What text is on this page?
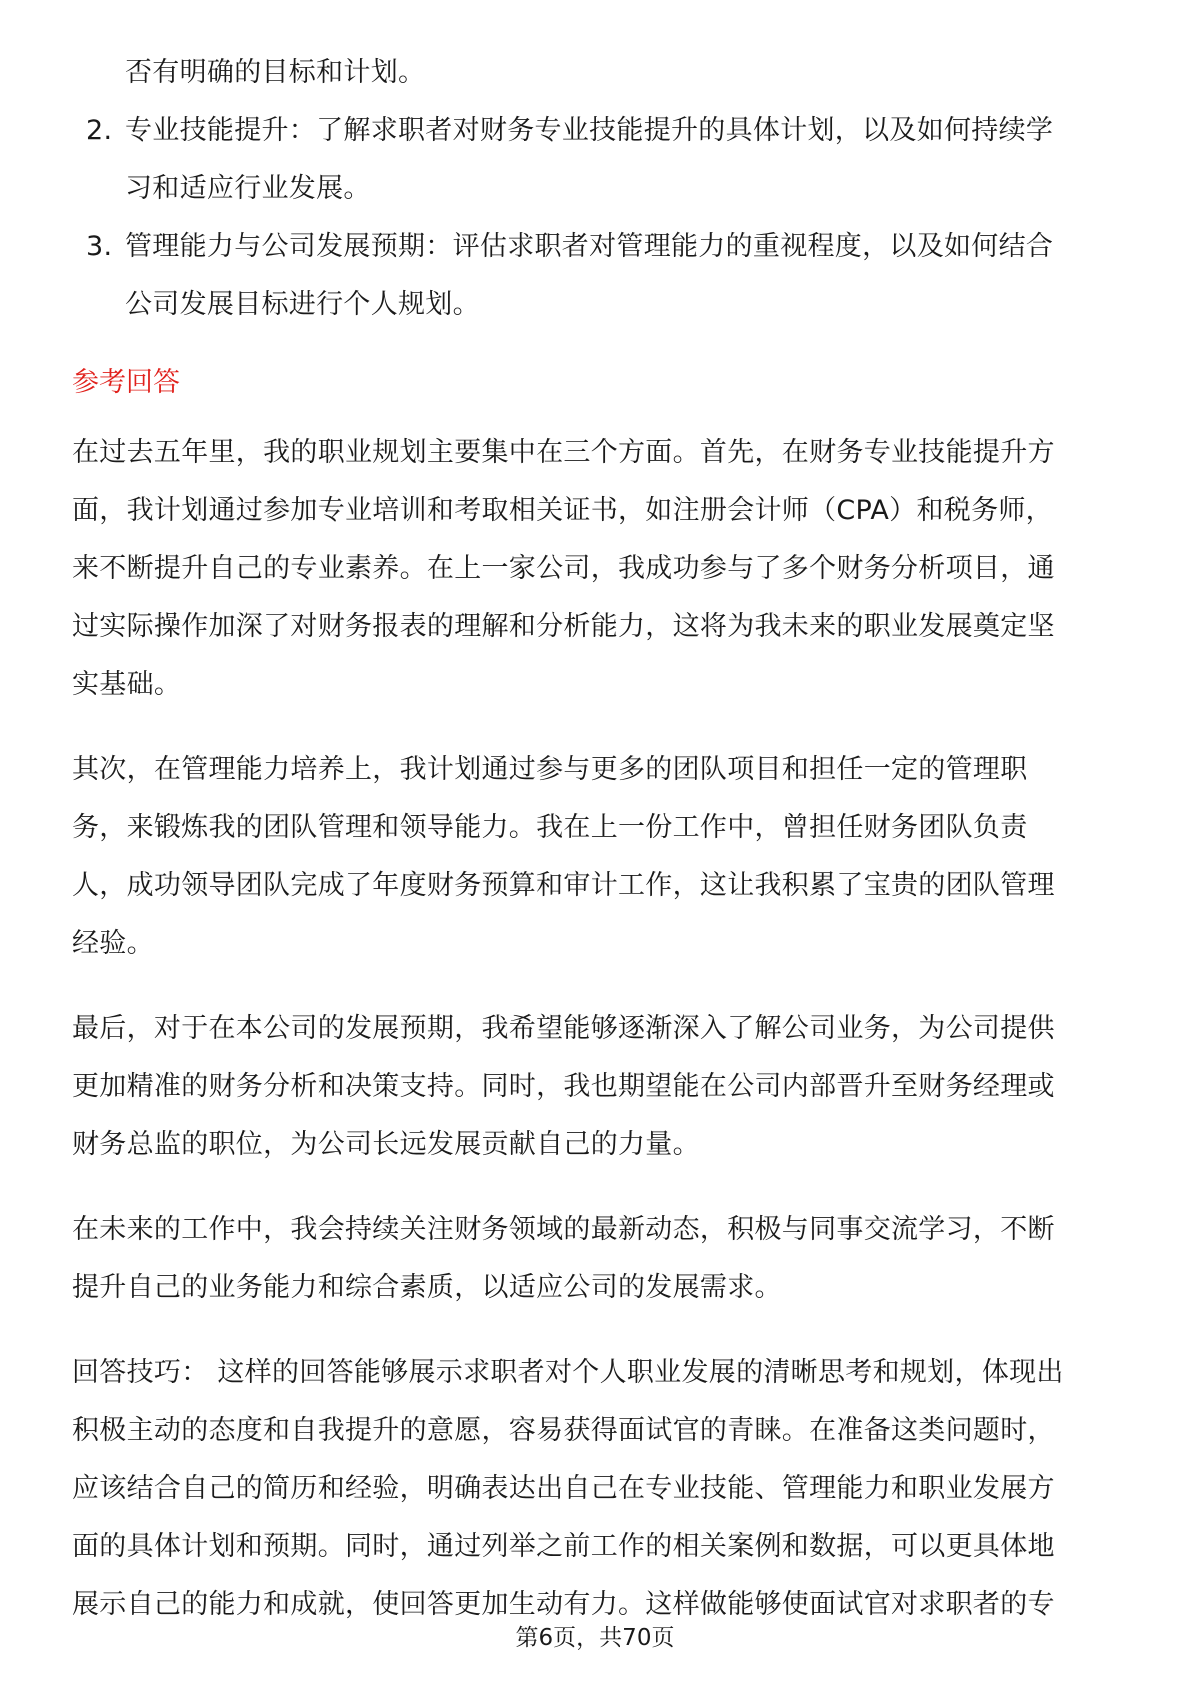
否有明确的目标和计划。
2. 专业技能提升：了解求职者对财务专业技能提升的具体计划，以及如何持续学
习和适应行业发展。
3. 管理能力与公司发展预期：评估求职者对管理能力的重视程度，以及如何结合
公司发展目标进行个人规划。
参考回答
在过去五年里，我的职业规划主要集中在三个方面。首先，在财务专业技能提升方
面，我计划通过参加专业培训和考取相关证书，如注册会计师（CPA）和税务师，
来不断提升自己的专业素养。在上一家公司，我成功参与了多个财务分析项目，通
过实际操作加深了对财务报表的理解和分析能力，这将为我未来的职业发展奠定坚
实基础。
其次，在管理能力培养上，我计划通过参与更多的团队项目和担任一定的管理职
务，来锻炼我的团队管理和领导能力。我在上一份工作中，曾担任财务团队负责
人，成功领导团队完成了年度财务预算和审计工作，这让我积累了宝贵的团队管理
经验。
最后，对于在本公司的发展预期，我希望能够逐渐深入了解公司业务，为公司提供
更加精准的财务分析和决策支持。同时，我也期望能在公司内部晋升至财务经理或
财务总监的职位，为公司长远发展贡献自己的力量。
在未来的工作中，我会持续关注财务领域的最新动态，积极与同事交流学习，不断
提升自己的业务能力和综合素质，以适应公司的发展需求。
回答技巧： 这样的回答能够展示求职者对个人职业发展的清晰思考和规划，体现出
积极主动的态度和自我提升的意愿，容易获得面试官的青睐。在准备这类问题时，
应该结合自己的简历和经验，明确表达出自己在专业技能、管理能力和职业发展方
面的具体计划和预期。同时，通过列举之前工作的相关案例和数据，可以更具体地
展示自己的能力和成就，使回答更加生动有力。这样做能够使面试官对求职者的专
第6页，共70页
